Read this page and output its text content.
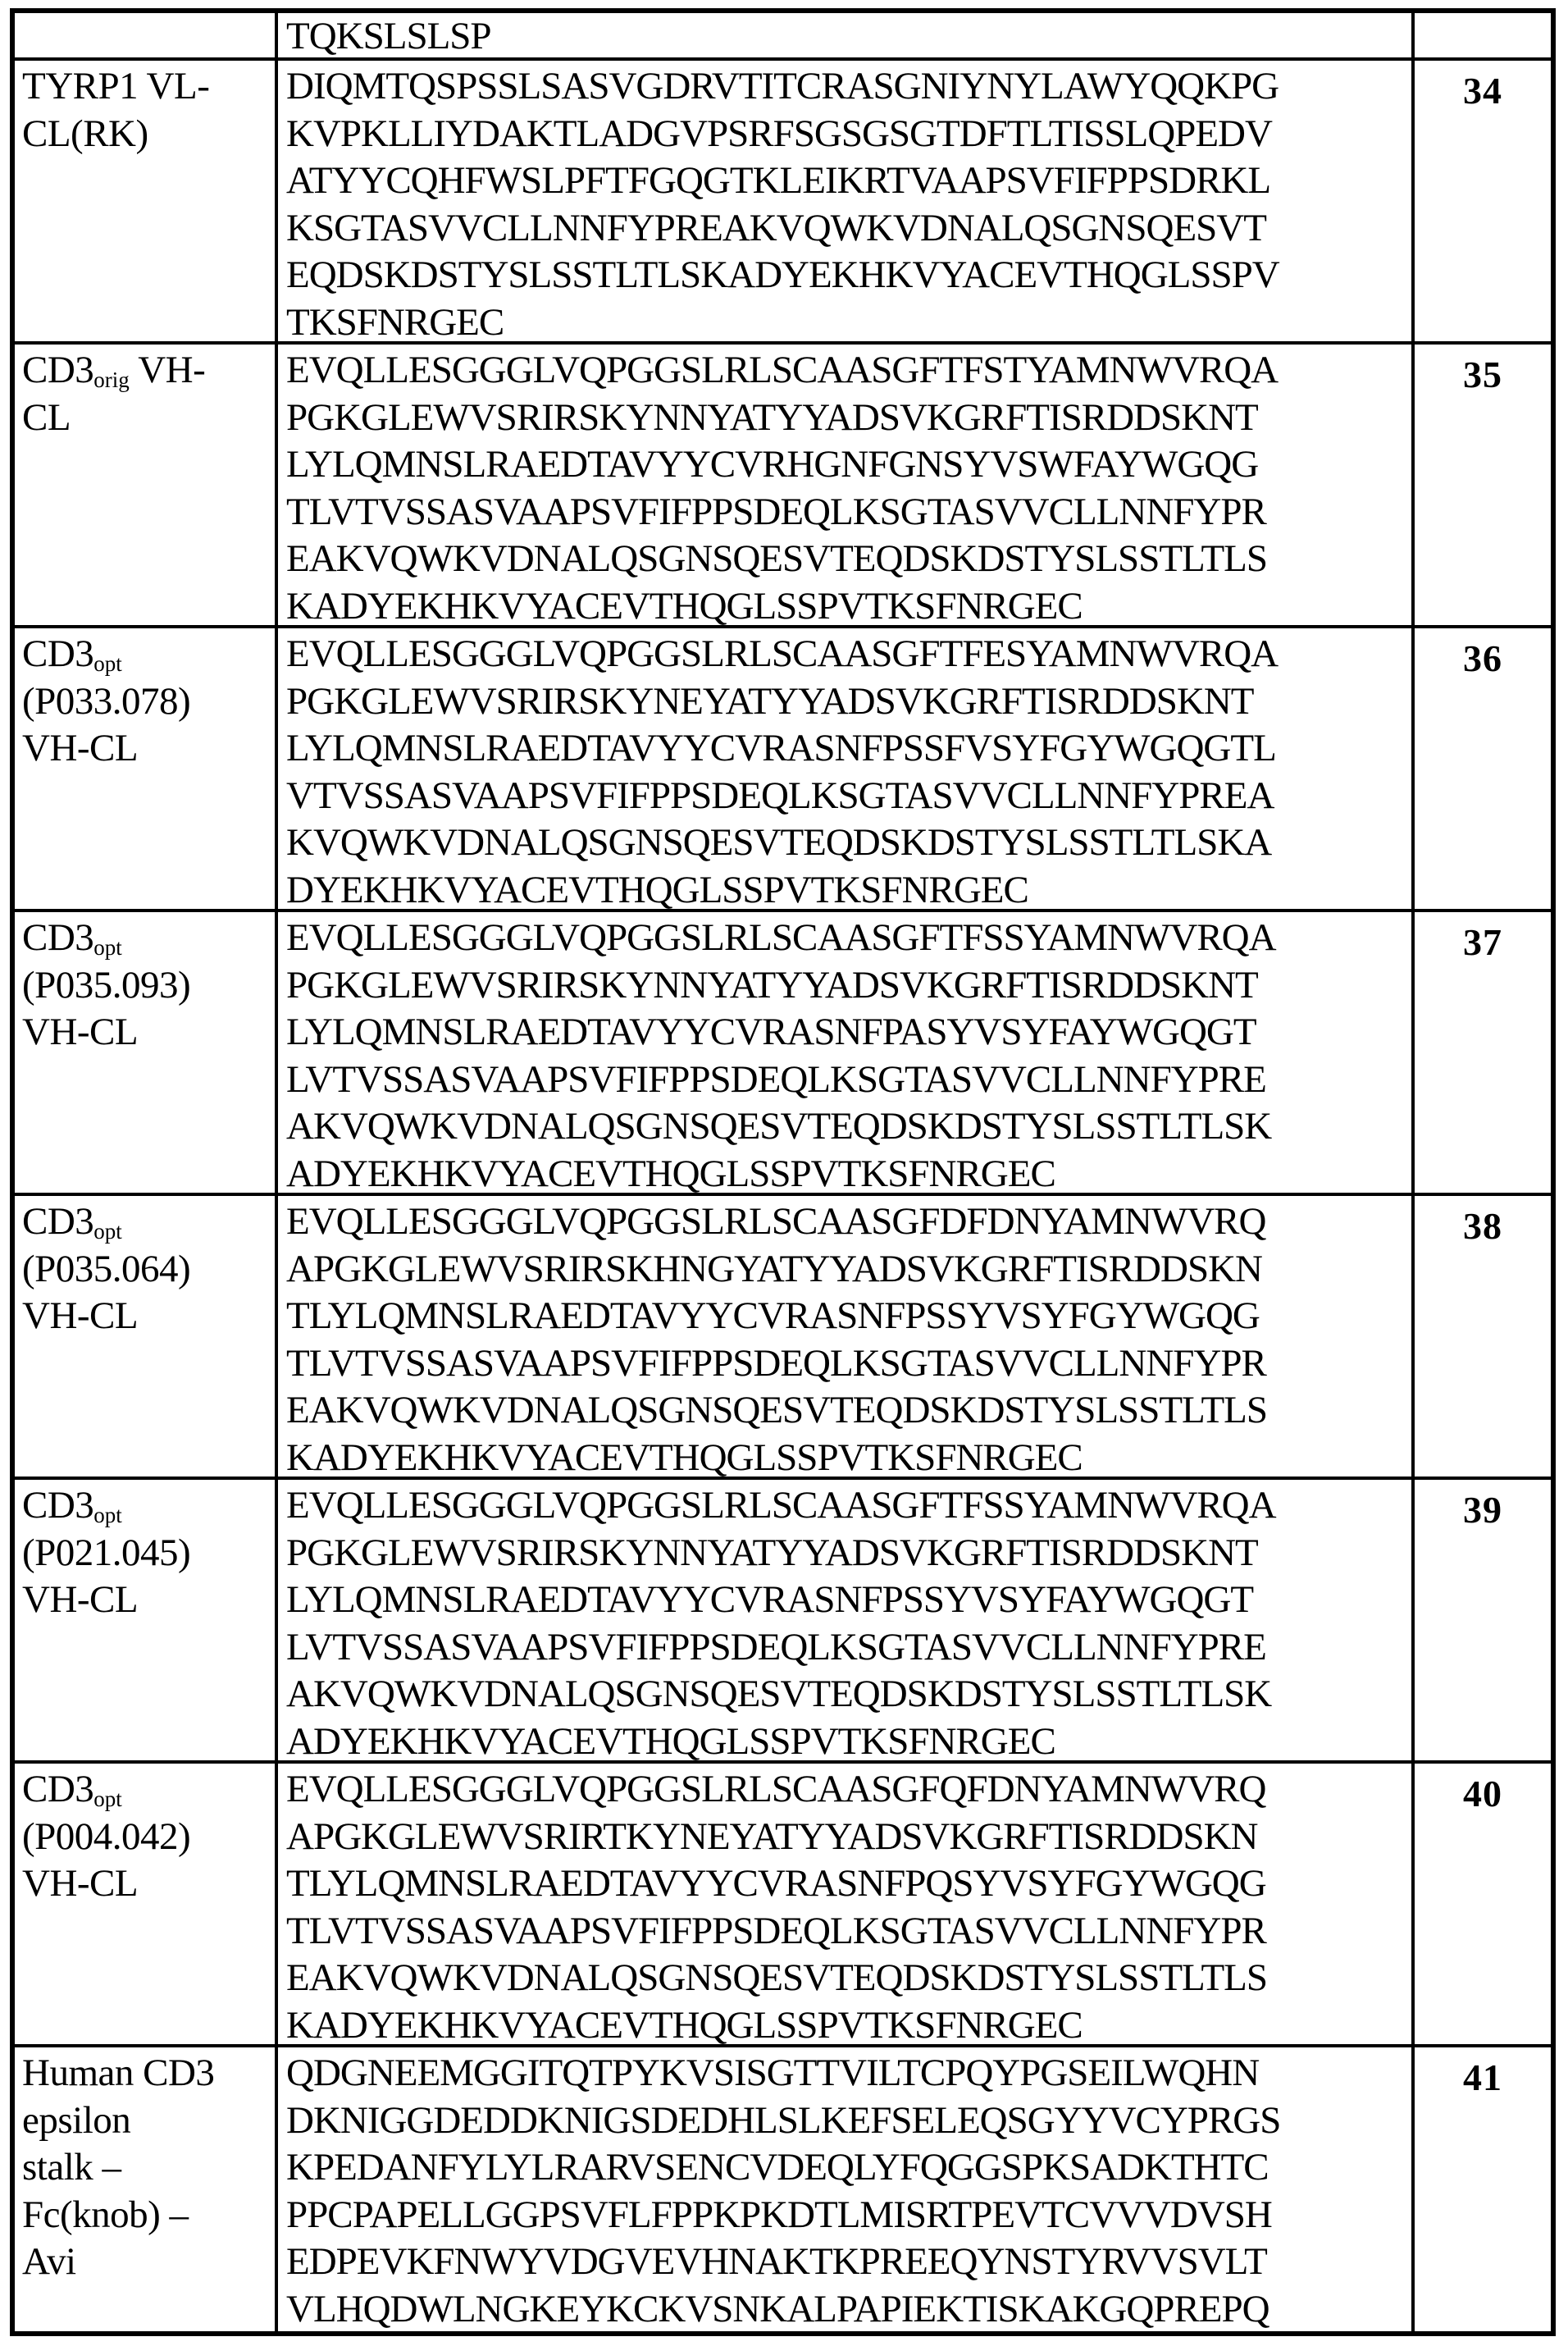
TQKSLSLSP
TYRP1 VL-
CL(RK)
DIQMTQSPSSLSASVGDRVTITCRASGNIYNYLAWYQQKPG
KVPKLLIYDAKTLADGVPSRFSGSGSGTDFTLTISSLQPEDV
ATYYCQHFWSLPFTFGQGTKLEIKRTVAAPSVFIFPPSDRKL
KSGTASVVCLLNNFYPREAKVQWKVDNALQSGNSQESVT
EQDSKDSTYSLSSTLTLSKADYEKHKVYACEVTHQGLSSPV
TKSFNRGEC
34
$CD3_{orig}$ VH-
CL
EVQLLESGGGLVQPGGSLRLSCAASGFTFSTYAMNWVRQA
PGKGLEWVSRIRSKYNNYATYYADSVKGRFTISRDDSKNT
LYLQMNSLRAEDTAVYYCVRHGNFGNSYVSWFAYWGQG
TLVTVSSASVAAPSVFIFPPSDEQLKSGTASVVCLLNNFYPR
EAKVQWKVDNALQSGNSQESVTEQDSKDSTYSLSSTLTLS
KADYEKHKVYACEVTHQGLSSPVTKSFNRGEC
35
$CD3_{opt}$
(P033.078)
VH-CL
EVQLLESGGGLVQPGGSLRLSCAASGFTFESYAMNWVRQA
PGKGLEWVSRIRSKYNEYATYYADSVKGRFTISRDDSKNT
LYLQMNSLRAEDTAVYYCVRASNFPSSFVSYFGYWGQGTL
VTVSSASVAAPSVFIFPPSDEQLKSGTASVVCLLNNFYPREA
KVQWKVDNALQSGNSQESVTEQDSKDSTYSLSSTLTLSKA
DYEKHKVYACEVTHQGLSSPVTKSFNRGEC
36
$CD3_{opt}$
(P035.093)
VH-CL
EVQLLESGGGLVQPGGSLRLSCAASGFTFSSYAMNWVRQA
PGKGLEWVSRIRSKYNNYATYYADSVKGRFTISRDDSKNT
LYLQMNSLRAEDTAVYYCVRASNFPASYVSYFAYWGQGT
LVTVSSASVAAPSVFIFPPSDEQLKSGTASVVCLLNNFYPRE
AKVQWKVDNALQSGNSQESVTEQDSKDSTYSLSSTLTLSK
ADYEKHKVYACEVTHQGLSSPVTKSFNRGEC
37
$CD3_{opt}$
(P035.064)
VH-CL
EVQLLESGGGLVQPGGSLRLSCAASGFDFDNYAMNWVRQ
APGKGLEWVSRIRSKHNGYATYYADSVKGRFTISRDDSKN
TLYLQMNSLRAEDTAVYYCVRASNFPSSYVSYFGYWGQG
TLVTVSSASVAAPSVFIFPPSDEQLKSGTASVVCLLNNFYPR
EAKVQWKVDNALQSGNSQESVTEQDSKDSTYSLSSTLTLS
KADYEKHKVYACEVTHQGLSSPVTKSFNRGEC
38
$CD3_{opt}$
(P021.045)
VH-CL
EVQLLESGGGLVQPGGSLRLSCAASGFTFSSYAMNWVRQA
PGKGLEWVSRIRSKYNNYATYYADSVKGRFTISRDDSKNT
LYLQMNSLRAEDTAVYYCVRASNFPSSYVSYFAYWGQGT
LVTVSSASVAAPSVFIFPPSDEQLKSGTASVVCLLNNFYPRE
AKVQWKVDNALQSGNSQESVTEQDSKDSTYSLSSTLTLSK
ADYEKHKVYACEVTHQGLSSPVTKSFNRGEC
39
$CD3_{opt}$
(P004.042)
VH-CL
EVQLLESGGGLVQPGGSLRLSCAASGFQFDNYAMNWVRQ
APGKGLEWVSRIRTKYNEYATYYADSVKGRFTISRDDSKN
TLYLQMNSLRAEDTAVYYCVRASNFPQSYVSYFGYWGQG
TLVTVSSASVAAPSVFIFPPSDEQLKSGTASVVCLLNNFYPR
EAKVQWKVDNALQSGNSQESVTEQDSKDSTYSLSSTLTLS
KADYEKHKVYACEVTHQGLSSPVTKSFNRGEC
40
Human CD3
epsilon
stalk –
Fc(knob) –
Avi
QDGNEEMGGITQTPYKVSISGTTVILTCPQYPGSEILWQHN
DKNIGGDEDDKNIGSDEDHLSLKEFSELEQSGYYVCYPRGS
KPEDANFYLYLRARVSENCVDEQLYFQGGSPKSADKTHTC
PPCPAPELLGGPSVFLFPPKPKDTLMISRTPEVTCVVVDVSH
EDPEVKFNWYVDGVEVHNAKTKPREEQYNSTYRVVSVLT
VLHQDWLNGKEYKCKVSNKALPAPIEKTISKAKGQPREPQ
41
